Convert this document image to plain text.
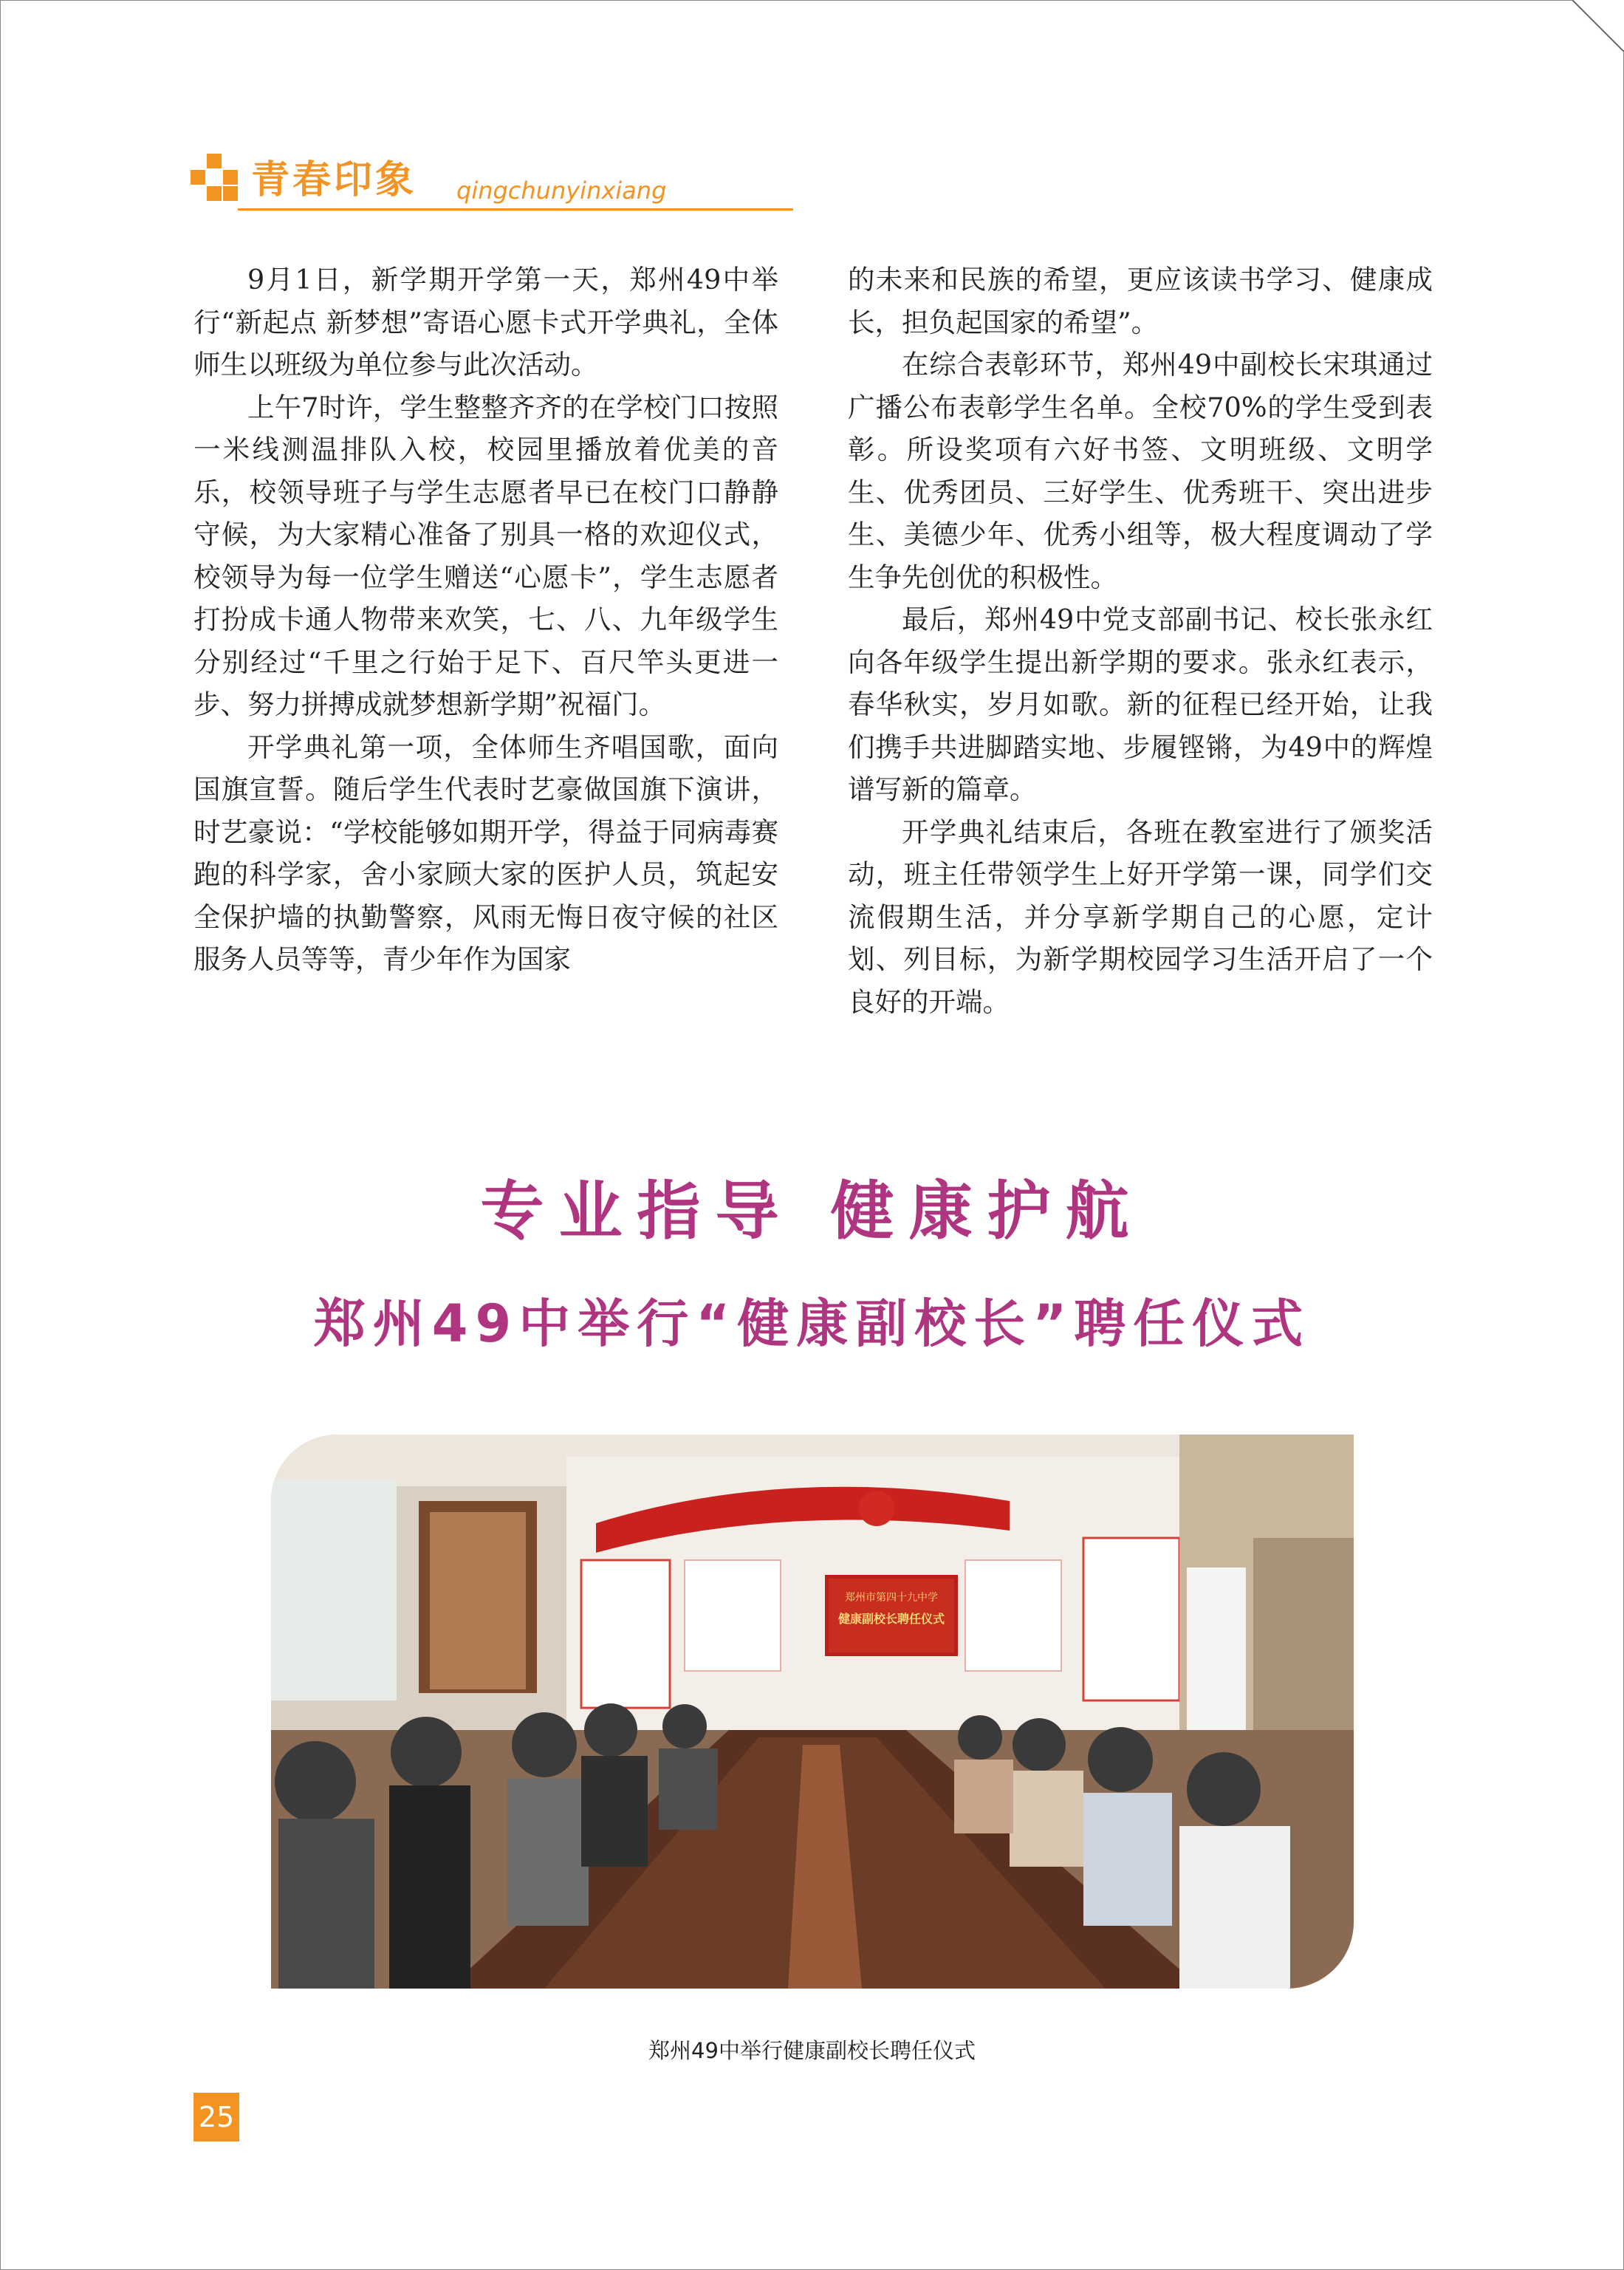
青春印象 qingchunyinxiang

9月1日，新学期开学第一天，郑州49中举行“新起点 新梦想”寄语心愿卡式开学典礼，全体师生以班级为单位参与此次活动。

上午7时许，学生整整齐齐的在学校门口按照一米线测温排队入校，校园里播放着优美的音乐，校领导班子与学生志愿者早已在校门口静静守候，为大家精心准备了别具一格的欢迎仪式，校领导为每一位学生赠送“心愿卡”，学生志愿者打扮成卡通人物带来欢笑，七、八、九年级学生分别经过“千里之行始于足下、百尺竿头更进一步、努力拼搏成就梦想新学期”祝福门。

开学典礼第一项，全体师生齐唱国歌，面向国旗宣誓。随后学生代表时艺豪做国旗下演讲，时艺豪说：“学校能够如期开学，得益于同病毒赛跑的科学家，舍小家顾大家的医护人员，筑起安全保护墙的执勤警察，风雨无悔日夜守候的社区服务人员等等，青少年作为国家

的未来和民族的希望，更应该读书学习、健康成长，担负起国家的希望”。

在综合表彰环节，郑州49中副校长宋琪通过广播公布表彰学生名单。全校70%的学生受到表彰。所设奖项有六好书签、文明班级、文明学生、优秀团员、三好学生、优秀班干、突出进步生、美德少年、优秀小组等，极大程度调动了学生争先创优的积极性。

最后，郑州49中党支部副书记、校长张永红向各年级学生提出新学期的要求。张永红表示，春华秋实，岁月如歌。新的征程已经开始，让我们携手共进脚踏实地、步履铿锵，为49中的辉煌谱写新的篇章。

开学典礼结束后，各班在教室进行了颁奖活动，班主任带领学生上好开学第一课，同学们交流假期生活，并分享新学期自己的心愿，定计划、列目标，为新学期校园学习生活开启了一个良好的开端。

专业指导 健康护航
郑州49中举行“健康副校长”聘任仪式
牢记使命	不忘初心
郑州市第四十九中学
健康副校长聘任仪式
郑州49中举行健康副校长聘任仪式
25
